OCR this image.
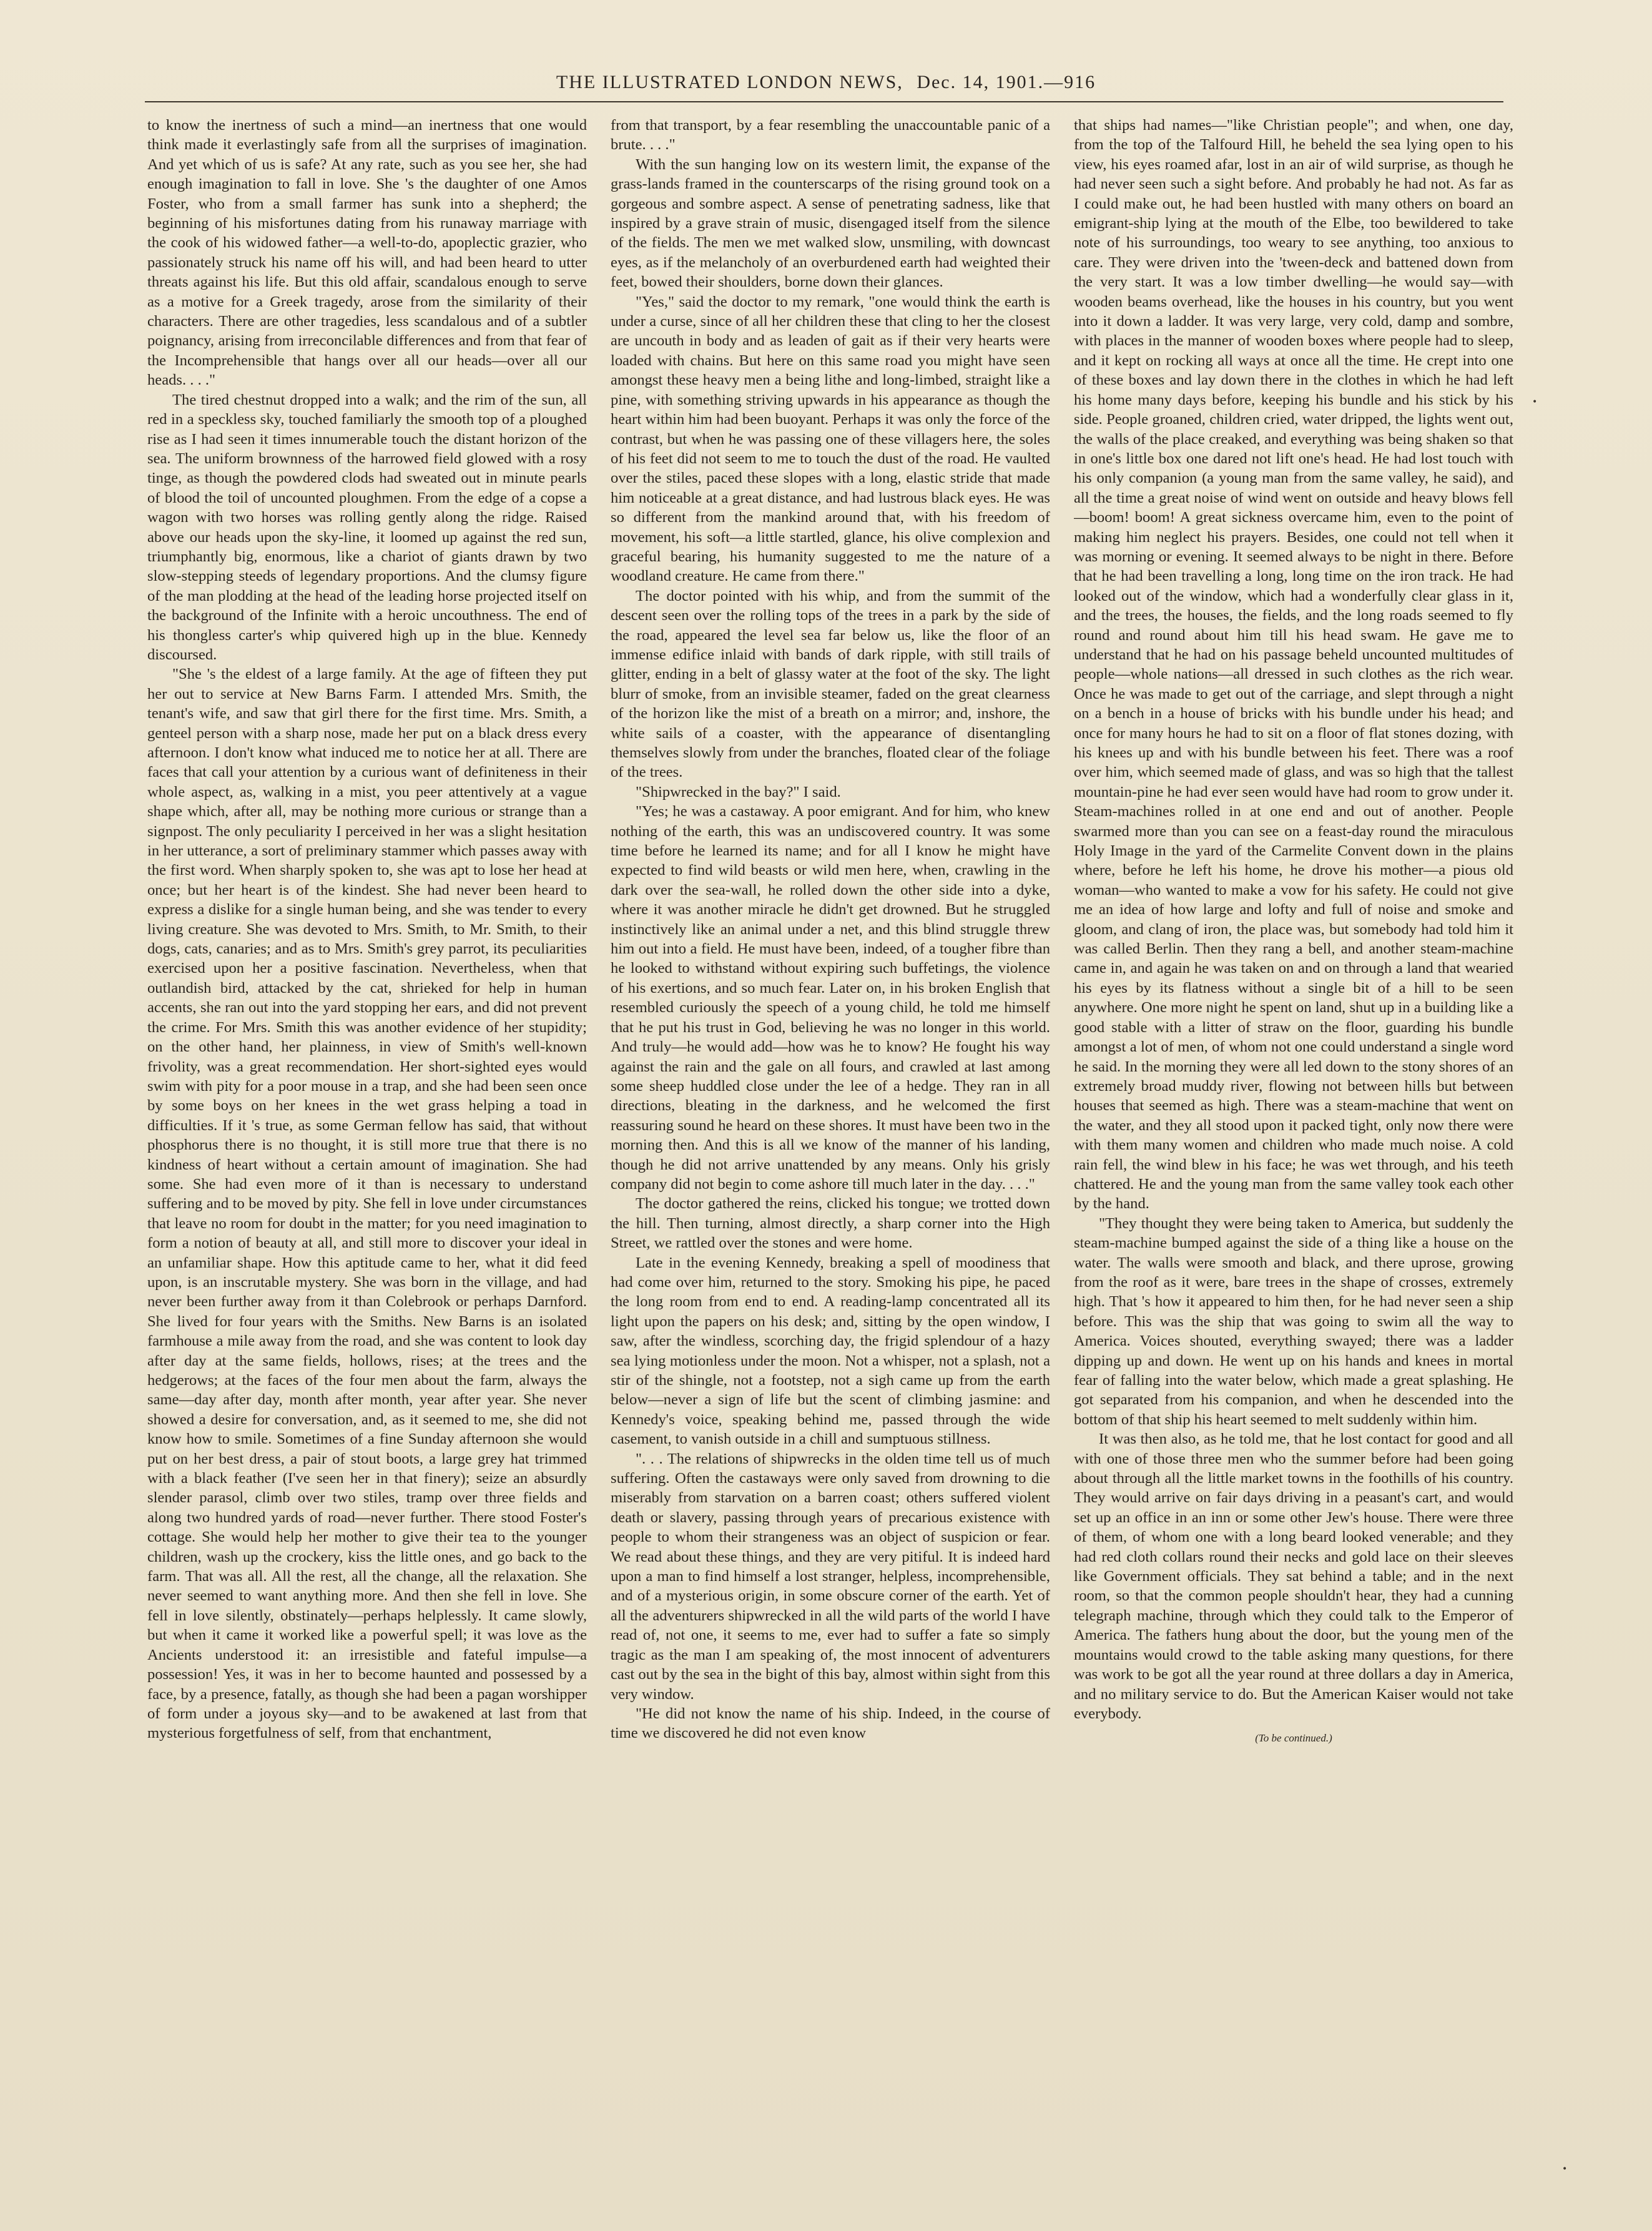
THE ILLUSTRATED LONDON NEWS, Dec. 14, 1901.—916

to know the inertness of such a mind—an inertness that one would think made it everlastingly safe from all the surprises of imagination. And yet which of us is safe? At any rate, such as you see her, she had enough imagination to fall in love. She 's the daughter of one Amos Foster, who from a small farmer has sunk into a shepherd; the beginning of his misfortunes dating from his runaway marriage with the cook of his widowed father—a well-to-do, apoplectic grazier, who passionately struck his name off his will, and had been heard to utter threats against his life. But this old affair, scandalous enough to serve as a motive for a Greek tragedy, arose from the similarity of their characters. There are other tragedies, less scandalous and of a subtler poignancy, arising from irreconcilable differences and from that fear of the Incomprehensible that hangs over all our heads—over all our heads. . . ."

The tired chestnut dropped into a walk; and the rim of the sun, all red in a speckless sky, touched familiarly the smooth top of a ploughed rise as I had seen it times innumerable touch the distant horizon of the sea. The uniform brownness of the harrowed field glowed with a rosy tinge, as though the powdered clods had sweated out in minute pearls of blood the toil of uncounted ploughmen. From the edge of a copse a wagon with two horses was rolling gently along the ridge. Raised above our heads upon the sky-line, it loomed up against the red sun, triumphantly big, enormous, like a chariot of giants drawn by two slow-stepping steeds of legendary proportions. And the clumsy figure of the man plodding at the head of the leading horse projected itself on the background of the Infinite with a heroic uncouthness. The end of his thongless carter's whip quivered high up in the blue. Kennedy discoursed.

"She 's the eldest of a large family. At the age of fifteen they put her out to service at New Barns Farm. I attended Mrs. Smith, the tenant's wife, and saw that girl there for the first time. Mrs. Smith, a genteel person with a sharp nose, made her put on a black dress every afternoon. I don't know what induced me to notice her at all. There are faces that call your attention by a curious want of definiteness in their whole aspect, as, walking in a mist, you peer attentively at a vague shape which, after all, may be nothing more curious or strange than a signpost. The only peculiarity I perceived in her was a slight hesitation in her utterance, a sort of preliminary stammer which passes away with the first word. When sharply spoken to, she was apt to lose her head at once; but her heart is of the kindest. She had never been heard to express a dislike for a single human being, and she was tender to every living creature. She was devoted to Mrs. Smith, to Mr. Smith, to their dogs, cats, canaries; and as to Mrs. Smith's grey parrot, its peculiarities exercised upon her a positive fascination. Nevertheless, when that outlandish bird, attacked by the cat, shrieked for help in human accents, she ran out into the yard stopping her ears, and did not prevent the crime. For Mrs. Smith this was another evidence of her stupidity; on the other hand, her plainness, in view of Smith's well-known frivolity, was a great recommendation. Her short-sighted eyes would swim with pity for a poor mouse in a trap, and she had been seen once by some boys on her knees in the wet grass helping a toad in difficulties. If it 's true, as some German fellow has said, that without phosphorus there is no thought, it is still more true that there is no kindness of heart without a certain amount of imagination. She had some. She had even more of it than is necessary to understand suffering and to be moved by pity. She fell in love under circumstances that leave no room for doubt in the matter; for you need imagination to form a notion of beauty at all, and still more to discover your ideal in an unfamiliar shape. How this aptitude came to her, what it did feed upon, is an inscrutable mystery. She was born in the village, and had never been further away from it than Colebrook or perhaps Darnford. She lived for four years with the Smiths. New Barns is an isolated farmhouse a mile away from the road, and she was content to look day after day at the same fields, hollows, rises; at the trees and the hedgerows; at the faces of the four men about the farm, always the same—day after day, month after month, year after year. She never showed a desire for conversation, and, as it seemed to me, she did not know how to smile. Sometimes of a fine Sunday afternoon she would put on her best dress, a pair of stout boots, a large grey hat trimmed with a black feather (I've seen her in that finery); seize an absurdly slender parasol, climb over two stiles, tramp over three fields and along two hundred yards of road—never further. There stood Foster's cottage. She would help her mother to give their tea to the younger children, wash up the crockery, kiss the little ones, and go back to the farm. That was all. All the rest, all the change, all the relaxation. She never seemed to want anything more. And then she fell in love. She fell in love silently, obstinately—perhaps helplessly. It came slowly, but when it came it worked like a powerful spell; it was love as the Ancients understood it: an irresistible and fateful impulse—a possession! Yes, it was in her to become haunted and possessed by a face, by a presence, fatally, as though she had been a pagan worshipper of form under a joyous sky—and to be awakened at last from that mysterious forgetfulness of self, from that enchantment,

from that transport, by a fear resembling the unaccountable panic of a brute. . . ."

With the sun hanging low on its western limit, the expanse of the grass-lands framed in the counterscarps of the rising ground took on a gorgeous and sombre aspect. A sense of penetrating sadness, like that inspired by a grave strain of music, disengaged itself from the silence of the fields. The men we met walked slow, unsmiling, with downcast eyes, as if the melancholy of an overburdened earth had weighted their feet, bowed their shoulders, borne down their glances.

"Yes," said the doctor to my remark, "one would think the earth is under a curse, since of all her children these that cling to her the closest are uncouth in body and as leaden of gait as if their very hearts were loaded with chains. But here on this same road you might have seen amongst these heavy men a being lithe and long-limbed, straight like a pine, with something striving upwards in his appearance as though the heart within him had been buoyant. Perhaps it was only the force of the contrast, but when he was passing one of these villagers here, the soles of his feet did not seem to me to touch the dust of the road. He vaulted over the stiles, paced these slopes with a long, elastic stride that made him noticeable at a great distance, and had lustrous black eyes. He was so different from the mankind around that, with his freedom of movement, his soft—a little startled, glance, his olive complexion and graceful bearing, his humanity suggested to me the nature of a woodland creature. He came from there."

The doctor pointed with his whip, and from the summit of the descent seen over the rolling tops of the trees in a park by the side of the road, appeared the level sea far below us, like the floor of an immense edifice inlaid with bands of dark ripple, with still trails of glitter, ending in a belt of glassy water at the foot of the sky. The light blurr of smoke, from an invisible steamer, faded on the great clearness of the horizon like the mist of a breath on a mirror; and, inshore, the white sails of a coaster, with the appearance of disentangling themselves slowly from under the branches, floated clear of the foliage of the trees.

"Shipwrecked in the bay?" I said.

"Yes; he was a castaway. A poor emigrant. And for him, who knew nothing of the earth, this was an undiscovered country. It was some time before he learned its name; and for all I know he might have expected to find wild beasts or wild men here, when, crawling in the dark over the sea-wall, he rolled down the other side into a dyke, where it was another miracle he didn't get drowned. But he struggled instinctively like an animal under a net, and this blind struggle threw him out into a field. He must have been, indeed, of a tougher fibre than he looked to withstand without expiring such buffetings, the violence of his exertions, and so much fear. Later on, in his broken English that resembled curiously the speech of a young child, he told me himself that he put his trust in God, believing he was no longer in this world. And truly—he would add—how was he to know? He fought his way against the rain and the gale on all fours, and crawled at last among some sheep huddled close under the lee of a hedge. They ran in all directions, bleating in the darkness, and he welcomed the first reassuring sound he heard on these shores. It must have been two in the morning then. And this is all we know of the manner of his landing, though he did not arrive unattended by any means. Only his grisly company did not begin to come ashore till much later in the day. . . ."

The doctor gathered the reins, clicked his tongue; we trotted down the hill. Then turning, almost directly, a sharp corner into the High Street, we rattled over the stones and were home.

Late in the evening Kennedy, breaking a spell of moodiness that had come over him, returned to the story. Smoking his pipe, he paced the long room from end to end. A reading-lamp concentrated all its light upon the papers on his desk; and, sitting by the open window, I saw, after the windless, scorching day, the frigid splendour of a hazy sea lying motionless under the moon. Not a whisper, not a splash, not a stir of the shingle, not a footstep, not a sigh came up from the earth below—never a sign of life but the scent of climbing jasmine: and Kennedy's voice, speaking behind me, passed through the wide casement, to vanish outside in a chill and sumptuous stillness.

". . . The relations of shipwrecks in the olden time tell us of much suffering. Often the castaways were only saved from drowning to die miserably from starvation on a barren coast; others suffered violent death or slavery, passing through years of precarious existence with people to whom their strangeness was an object of suspicion or fear. We read about these things, and they are very pitiful. It is indeed hard upon a man to find himself a lost stranger, helpless, incomprehensible, and of a mysterious origin, in some obscure corner of the earth. Yet of all the adventurers shipwrecked in all the wild parts of the world I have read of, not one, it seems to me, ever had to suffer a fate so simply tragic as the man I am speaking of, the most innocent of adventurers cast out by the sea in the bight of this bay, almost within sight from this very window.

"He did not know the name of his ship. Indeed, in the course of time we discovered he did not even know

that ships had names—"like Christian people"; and when, one day, from the top of the Talfourd Hill, he beheld the sea lying open to his view, his eyes roamed afar, lost in an air of wild surprise, as though he had never seen such a sight before. And probably he had not. As far as I could make out, he had been hustled with many others on board an emigrant-ship lying at the mouth of the Elbe, too bewildered to take note of his surroundings, too weary to see anything, too anxious to care. They were driven into the 'tween-deck and battened down from the very start. It was a low timber dwelling—he would say—with wooden beams overhead, like the houses in his country, but you went into it down a ladder. It was very large, very cold, damp and sombre, with places in the manner of wooden boxes where people had to sleep, and it kept on rocking all ways at once all the time. He crept into one of these boxes and lay down there in the clothes in which he had left his home many days before, keeping his bundle and his stick by his side. People groaned, children cried, water dripped, the lights went out, the walls of the place creaked, and everything was being shaken so that in one's little box one dared not lift one's head. He had lost touch with his only companion (a young man from the same valley, he said), and all the time a great noise of wind went on outside and heavy blows fell—boom! boom! A great sickness overcame him, even to the point of making him neglect his prayers. Besides, one could not tell when it was morning or evening. It seemed always to be night in there. Before that he had been travelling a long, long time on the iron track. He had looked out of the window, which had a wonderfully clear glass in it, and the trees, the houses, the fields, and the long roads seemed to fly round and round about him till his head swam. He gave me to understand that he had on his passage beheld uncounted multitudes of people—whole nations—all dressed in such clothes as the rich wear. Once he was made to get out of the carriage, and slept through a night on a bench in a house of bricks with his bundle under his head; and once for many hours he had to sit on a floor of flat stones dozing, with his knees up and with his bundle between his feet. There was a roof over him, which seemed made of glass, and was so high that the tallest mountain-pine he had ever seen would have had room to grow under it. Steam-machines rolled in at one end and out of another. People swarmed more than you can see on a feast-day round the miraculous Holy Image in the yard of the Carmelite Convent down in the plains where, before he left his home, he drove his mother—a pious old woman—who wanted to make a vow for his safety. He could not give me an idea of how large and lofty and full of noise and smoke and gloom, and clang of iron, the place was, but somebody had told him it was called Berlin. Then they rang a bell, and another steam-machine came in, and again he was taken on and on through a land that wearied his eyes by its flatness without a single bit of a hill to be seen anywhere. One more night he spent on land, shut up in a building like a good stable with a litter of straw on the floor, guarding his bundle amongst a lot of men, of whom not one could understand a single word he said. In the morning they were all led down to the stony shores of an extremely broad muddy river, flowing not between hills but between houses that seemed as high. There was a steam-machine that went on the water, and they all stood upon it packed tight, only now there were with them many women and children who made much noise. A cold rain fell, the wind blew in his face; he was wet through, and his teeth chattered. He and the young man from the same valley took each other by the hand.

"They thought they were being taken to America, but suddenly the steam-machine bumped against the side of a thing like a house on the water. The walls were smooth and black, and there uprose, growing from the roof as it were, bare trees in the shape of crosses, extremely high. That 's how it appeared to him then, for he had never seen a ship before. This was the ship that was going to swim all the way to America. Voices shouted, everything swayed; there was a ladder dipping up and down. He went up on his hands and knees in mortal fear of falling into the water below, which made a great splashing. He got separated from his companion, and when he descended into the bottom of that ship his heart seemed to melt suddenly within him.

It was then also, as he told me, that he lost contact for good and all with one of those three men who the summer before had been going about through all the little market towns in the foothills of his country. They would arrive on fair days driving in a peasant's cart, and would set up an office in an inn or some other Jew's house. There were three of them, of whom one with a long beard looked venerable; and they had red cloth collars round their necks and gold lace on their sleeves like Government officials. They sat behind a table; and in the next room, so that the common people shouldn't hear, they had a cunning telegraph machine, through which they could talk to the Emperor of America. The fathers hung about the door, but the young men of the mountains would crowd to the table asking many questions, for there was work to be got all the year round at three dollars a day in America, and no military service to do. But the American Kaiser would not take everybody.

(To be continued.)

•
•
